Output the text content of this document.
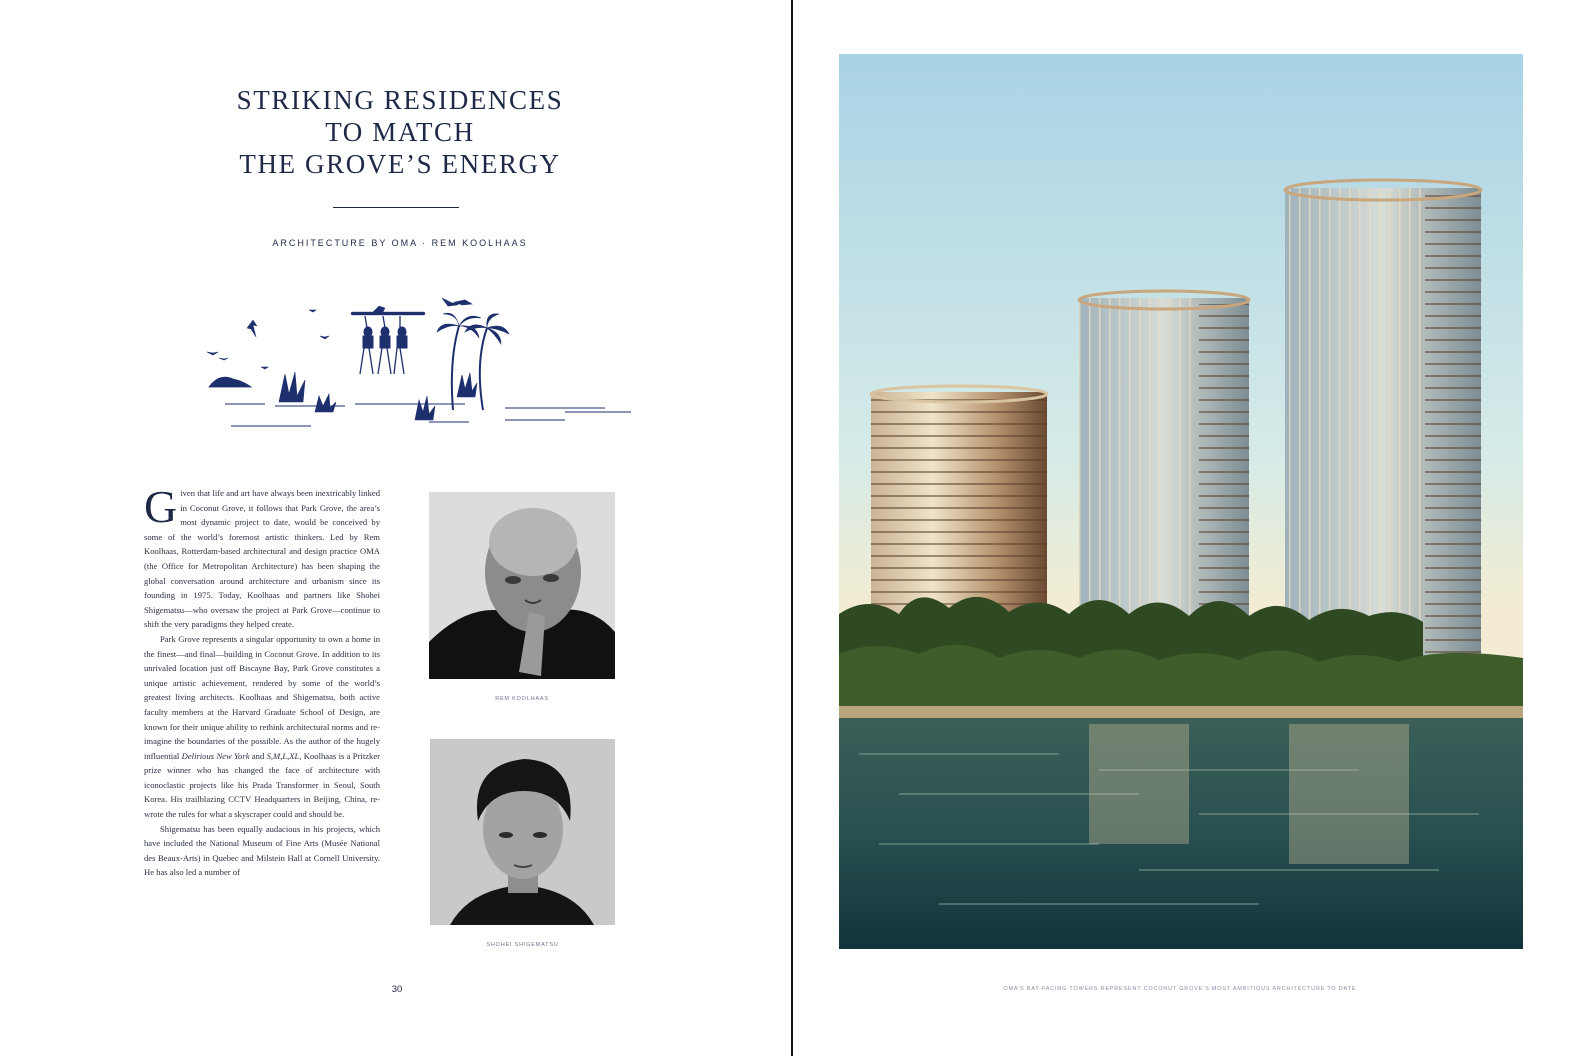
STRIKING RESIDENCES
TO MATCH
THE GROVE’S ENERGY
ARCHITECTURE BY OMA · REM KOOLHAAS

Given that life and art have always been inextricably linked in Coconut Grove, it follows that Park Grove, the area’s most dynamic project to date, would be conceived by some of the world’s foremost artistic thinkers. Led by Rem Koolhaas, Rotterdam-based architectural and design practice OMA (the Office for Metropolitan Architecture) has been shaping the global conversation around architecture and urbanism since its founding in 1975. Today, Koolhaas and partners like Shohei Shigematsu—who oversaw the project at Park Grove—continue to shift the very paradigms they helped create.

Park Grove represents a singular opportunity to own a home in the finest—and final—building in Coconut Grove. In addition to its unrivaled location just off Biscayne Bay, Park Grove constitutes a unique artistic achievement, rendered by some of the world’s greatest living architects. Koolhaas and Shigematsu, both active faculty members at the Harvard Graduate School of Design, are known for their unique ability to rethink architectural norms and re-imagine the boundaries of the possible. As the author of the hugely influential Delirious New York and S,M,L,XL, Koolhaas is a Pritzker prize winner who has changed the face of architecture with iconoclastic projects like his Prada Transformer in Seoul, South Korea. His trailblazing CCTV Headquarters in Beijing, China, re-wrote the rules for what a skyscraper could and should be.

Shigematsu has been equally audacious in his projects, which have included the National Museum of Fine Arts (Musée National des Beaux-Arts) in Quebec and Milstein Hall at Cornell University. He has also led a number of

REM KOOLHAAS
SHOHEI SHIGEMATSU
30	OMA’S BAY-FACING TOWERS REPRESENT COCONUT GROVE’S MOST AMBITIOUS ARCHITECTURE TO DATE.
